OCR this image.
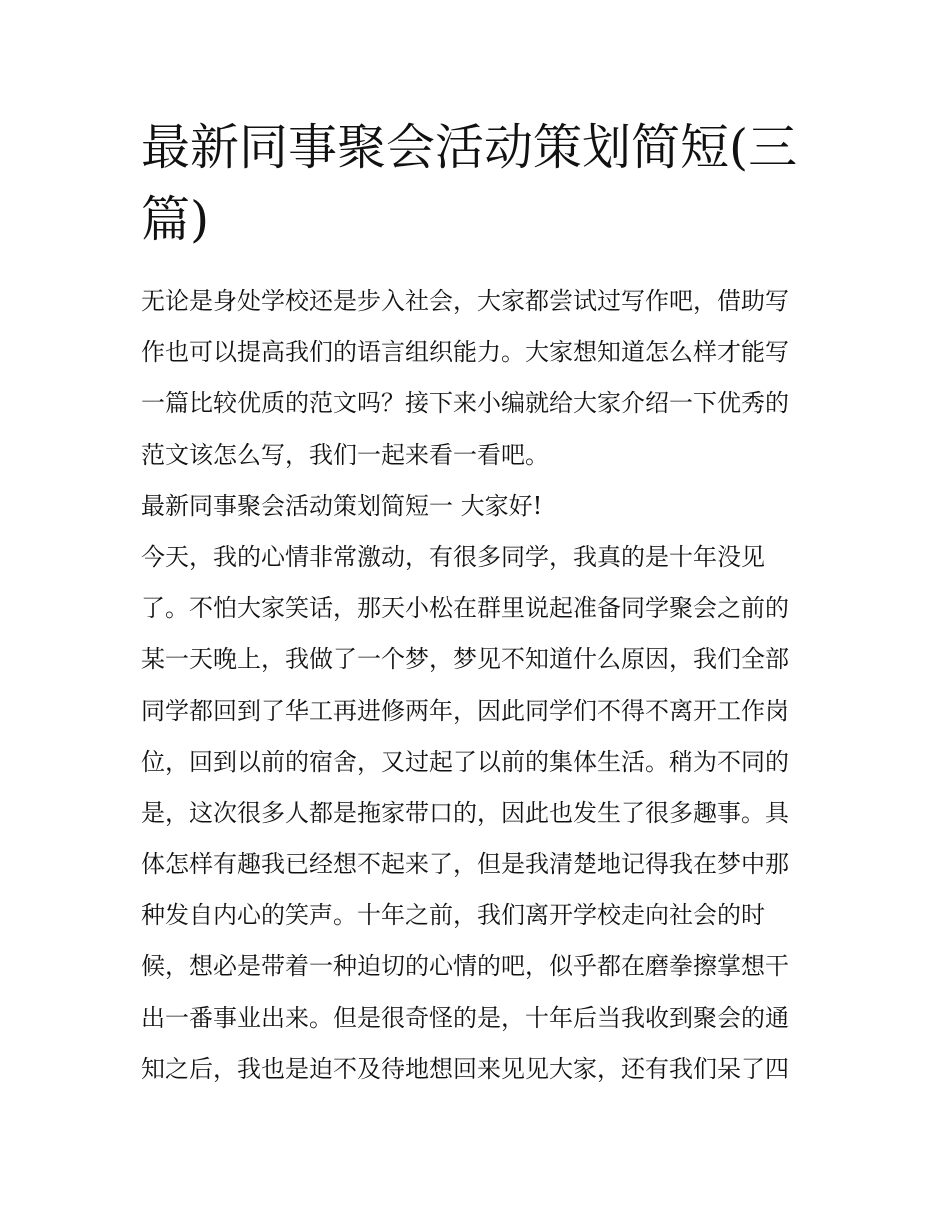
最新同事聚会活动策划简短(三
篇)
无论是身处学校还是步入社会，大家都尝试过写作吧，借助写
作也可以提高我们的语言组织能力。大家想知道怎么样才能写
一篇比较优质的范文吗？接下来小编就给大家介绍一下优秀的
范文该怎么写，我们一起来看一看吧。
最新同事聚会活动策划简短一 大家好!
今天，我的心情非常激动，有很多同学，我真的是十年没见
了。不怕大家笑话，那天小松在群里说起准备同学聚会之前的
某一天晚上，我做了一个梦，梦见不知道什么原因，我们全部
同学都回到了华工再进修两年，因此同学们不得不离开工作岗
位，回到以前的宿舍，又过起了以前的集体生活。稍为不同的
是，这次很多人都是拖家带口的，因此也发生了很多趣事。具
体怎样有趣我已经想不起来了，但是我清楚地记得我在梦中那
种发自内心的笑声。十年之前，我们离开学校走向社会的时
候，想必是带着一种迫切的心情的吧，似乎都在磨拳擦掌想干
出一番事业出来。但是很奇怪的是，十年后当我收到聚会的通
知之后，我也是迫不及待地想回来见见大家，还有我们呆了四
